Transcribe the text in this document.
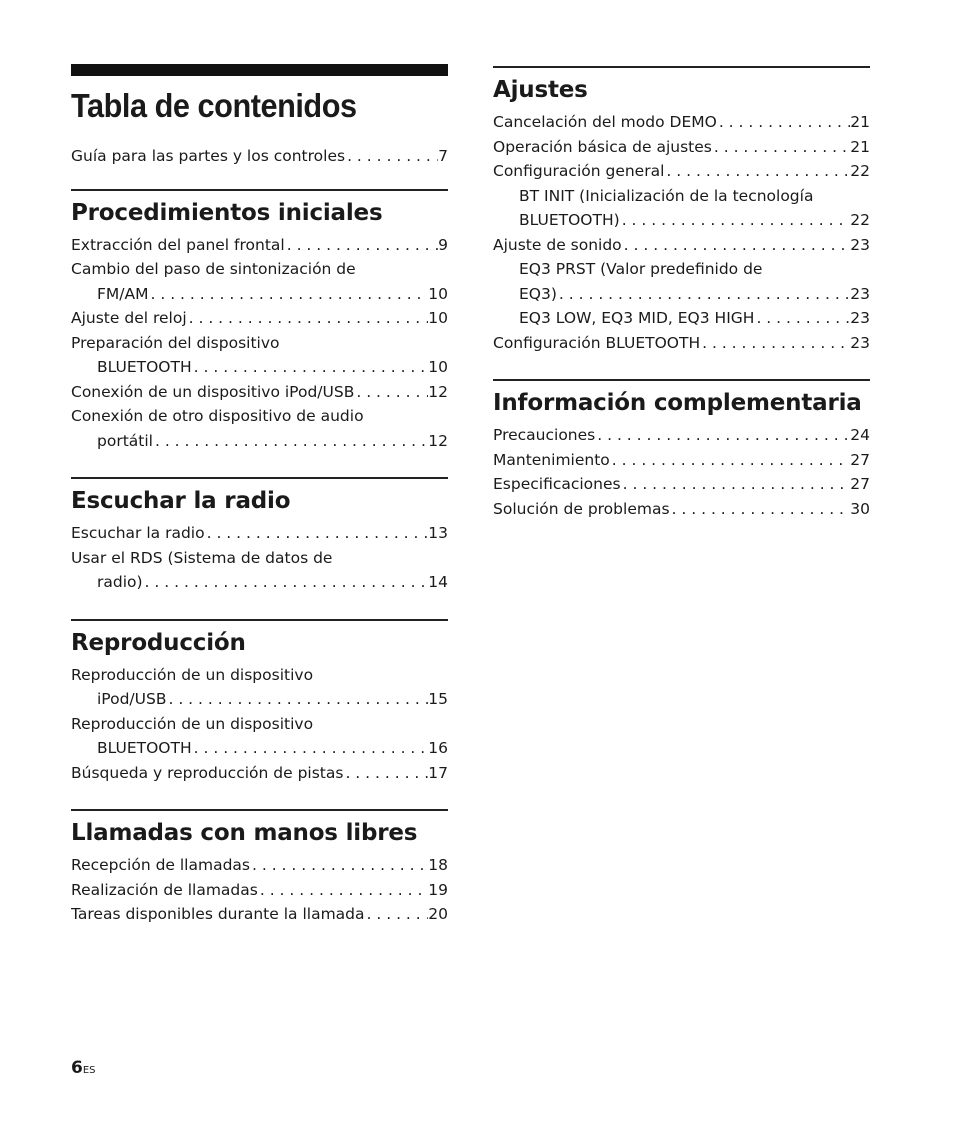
Tabla de contenidos
Guía para las partes y los controles . . .	7
Procedimientos iniciales
Extracción del panel frontal . . .	9
Cambio del paso de sintonización de
FM/AM . . .	10
Ajuste del reloj . . .	10
Preparación del dispositivo
BLUETOOTH . . .	10
Conexión de un dispositivo iPod/USB . . .	12
Conexión de otro dispositivo de audio
portátil . . .	12
Escuchar la radio
Escuchar la radio . . .	13
Usar el RDS (Sistema de datos de
radio) . . .	14
Reproducción
Reproducción de un dispositivo
iPod/USB . . .	15
Reproducción de un dispositivo
BLUETOOTH . . .	16
Búsqueda y reproducción de pistas . . .	17
Llamadas con manos libres
Recepción de llamadas . . .	18
Realización de llamadas . . .	19
Tareas disponibles durante la llamada . . .	20
Ajustes
Cancelación del modo DEMO . . .	21
Operación básica de ajustes . . .	21
Configuración general . . .	22
BT INIT (Inicialización de la tecnología
BLUETOOTH) . . .	22
Ajuste de sonido . . .	23
EQ3 PRST (Valor predefinido de
EQ3) . . .	23
EQ3 LOW, EQ3 MID, EQ3 HIGH . . .	23
Configuración BLUETOOTH . . .	23
Información complementaria
Precauciones . . .	24
Mantenimiento . . .	27
Especificaciones . . .	27
Solución de problemas . . .	30
6ES
